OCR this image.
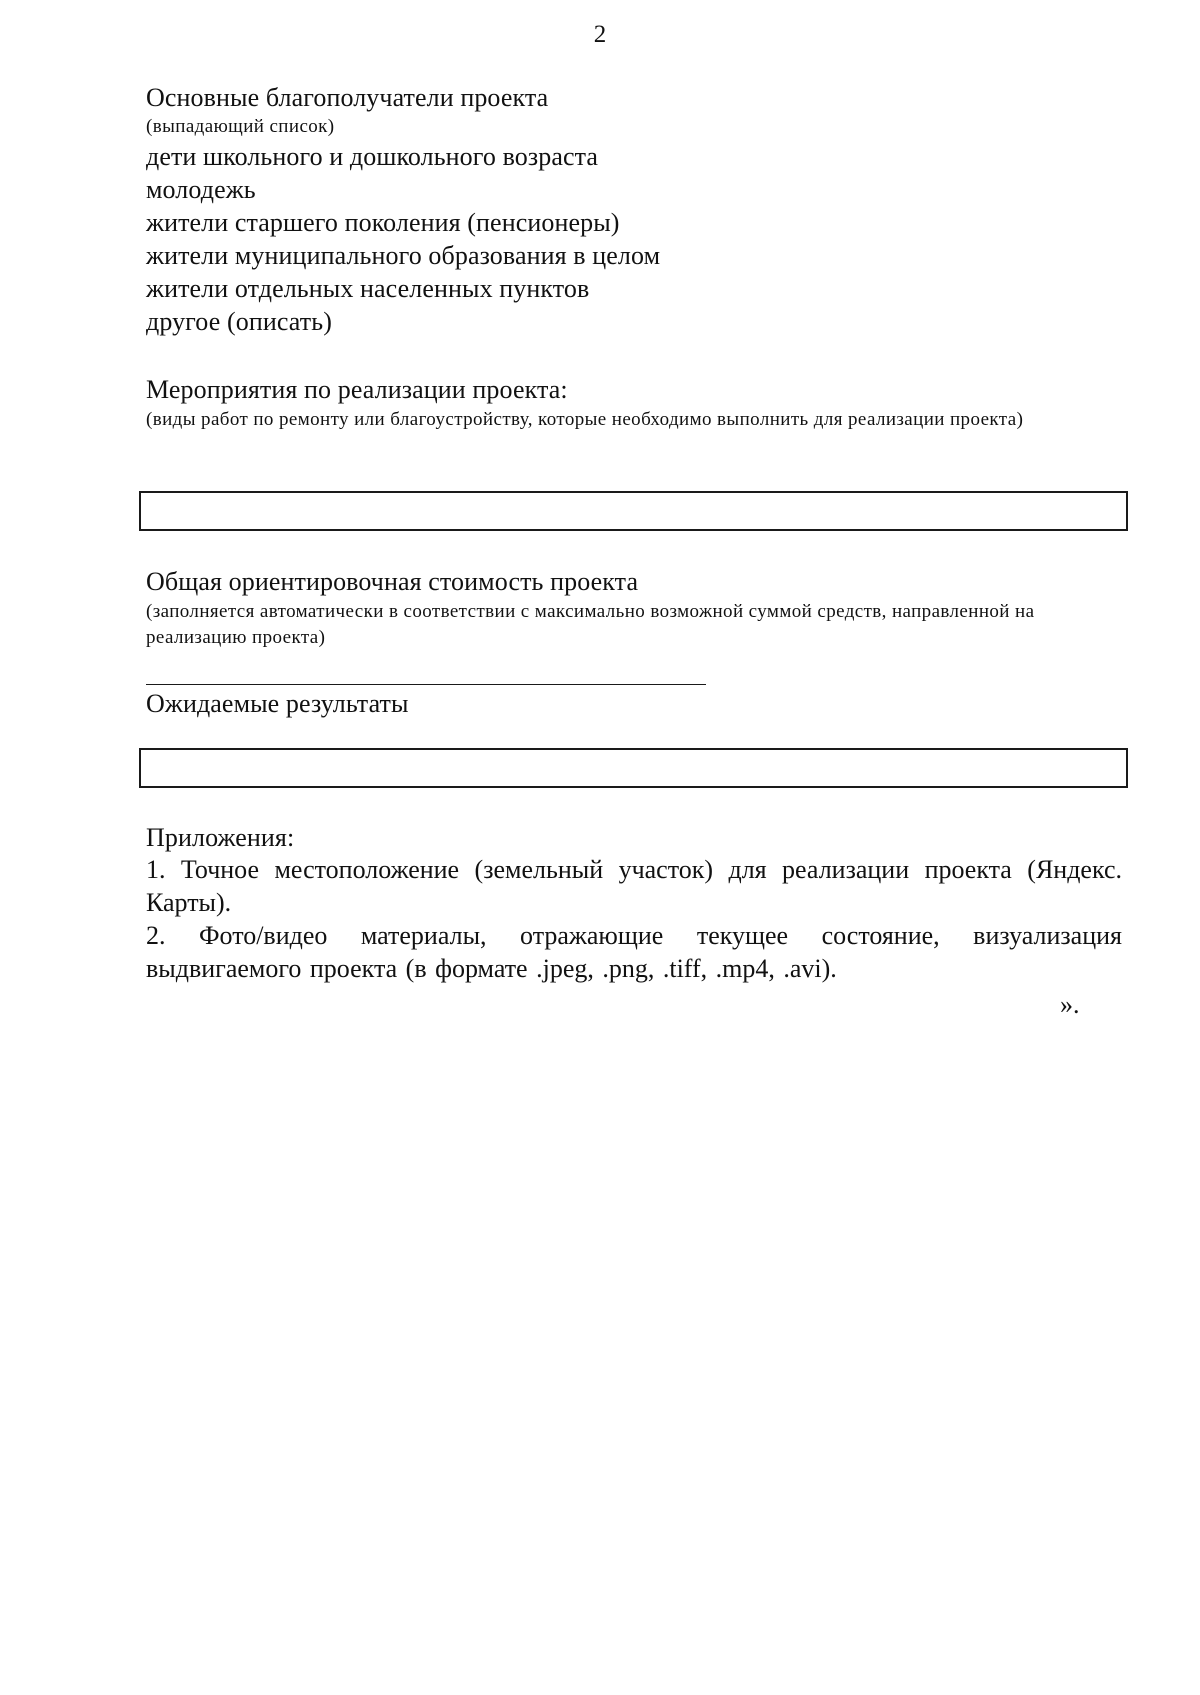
2
Основные благополучатели проекта
(выпадающий список)
дети школьного и дошкольного возраста
молодежь
жители старшего поколения (пенсионеры)
жители муниципального образования в целом
жители отдельных населенных пунктов
другое (описать)
Мероприятия по реализации проекта:
(виды работ по ремонту или благоустройству, которые необходимо выполнить для реализации проекта)
Общая ориентировочная стоимость проекта
(заполняется автоматически в соответствии с максимально возможной суммой средств, направленной на реализацию проекта)
Ожидаемые результаты
Приложения:
1. Точное местоположение (земельный участок) для реализации проекта (Яндекс. Карты).
2. Фото/видео материалы, отражающие текущее состояние, визуализация выдвигаемого проекта (в формате .jpeg, .png, .tiff, .mp4, .avi).
».
